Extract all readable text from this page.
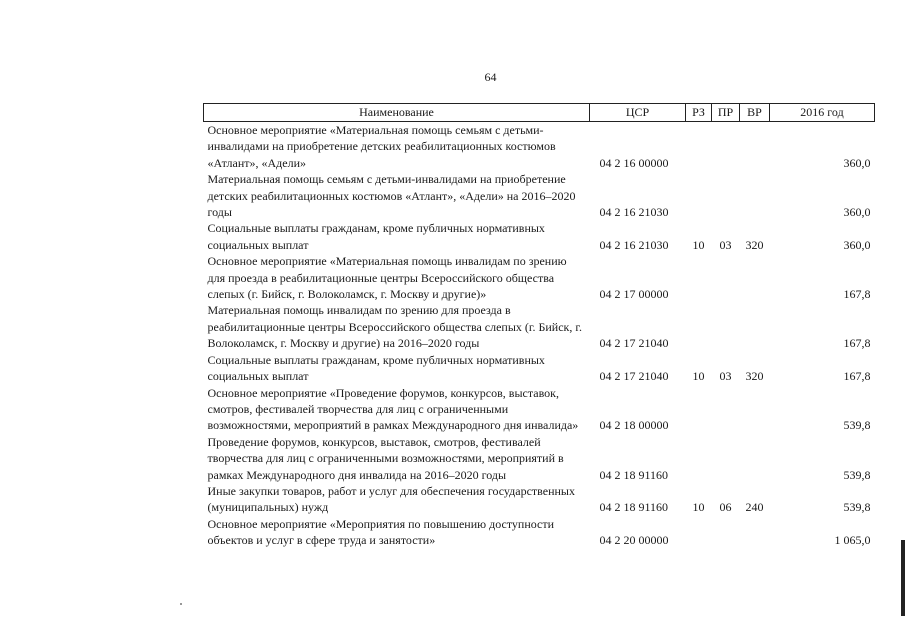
64
Наименование	ЦСР	РЗ	ПР	ВР	2016 год
Основное мероприятие «Материальная помощь семьям с детьми-инвалидами на приобретение детских реабилитационных костюмов «Атлант», «Адели»	04 2 16 00000				360,0
Материальная помощь семьям с детьми-инвалидами на приобретение детских реабилитационных костюмов «Атлант», «Адели» на 2016–2020 годы	04 2 16 21030				360,0
Социальные выплаты гражданам, кроме публичных нормативных социальных выплат	04 2 16 21030	10	03	320	360,0
Основное мероприятие «Материальная помощь инвалидам по зрению для проезда в реабилитационные центры Всероссийского общества слепых (г. Бийск, г. Волоколамск, г. Москву и другие)»	04 2 17 00000				167,8
Материальная помощь инвалидам по зрению для проезда в реабилитационные центры Всероссийского общества слепых (г. Бийск, г. Волоколамск, г. Москву и другие) на 2016–2020 годы	04 2 17 21040				167,8
Социальные выплаты гражданам, кроме публичных нормативных социальных выплат	04 2 17 21040	10	03	320	167,8
Основное мероприятие «Проведение форумов, конкурсов, выставок, смотров, фестивалей творчества для лиц с ограниченными возможностями, мероприятий в рамках Международного дня инвалида»	04 2 18 00000				539,8
Проведение форумов, конкурсов, выставок, смотров, фестивалей творчества для лиц с ограниченными возможностями, мероприятий в рамках Международного дня инвалида на 2016–2020 годы	04 2 18 91160				539,8
Иные закупки товаров, работ и услуг для обеспечения государственных (муниципальных) нужд	04 2 18 91160	10	06	240	539,8
Основное мероприятие «Мероприятия по повышению доступности объектов и услуг в сфере труда и занятости»	04 2 20 00000				1 065,0
